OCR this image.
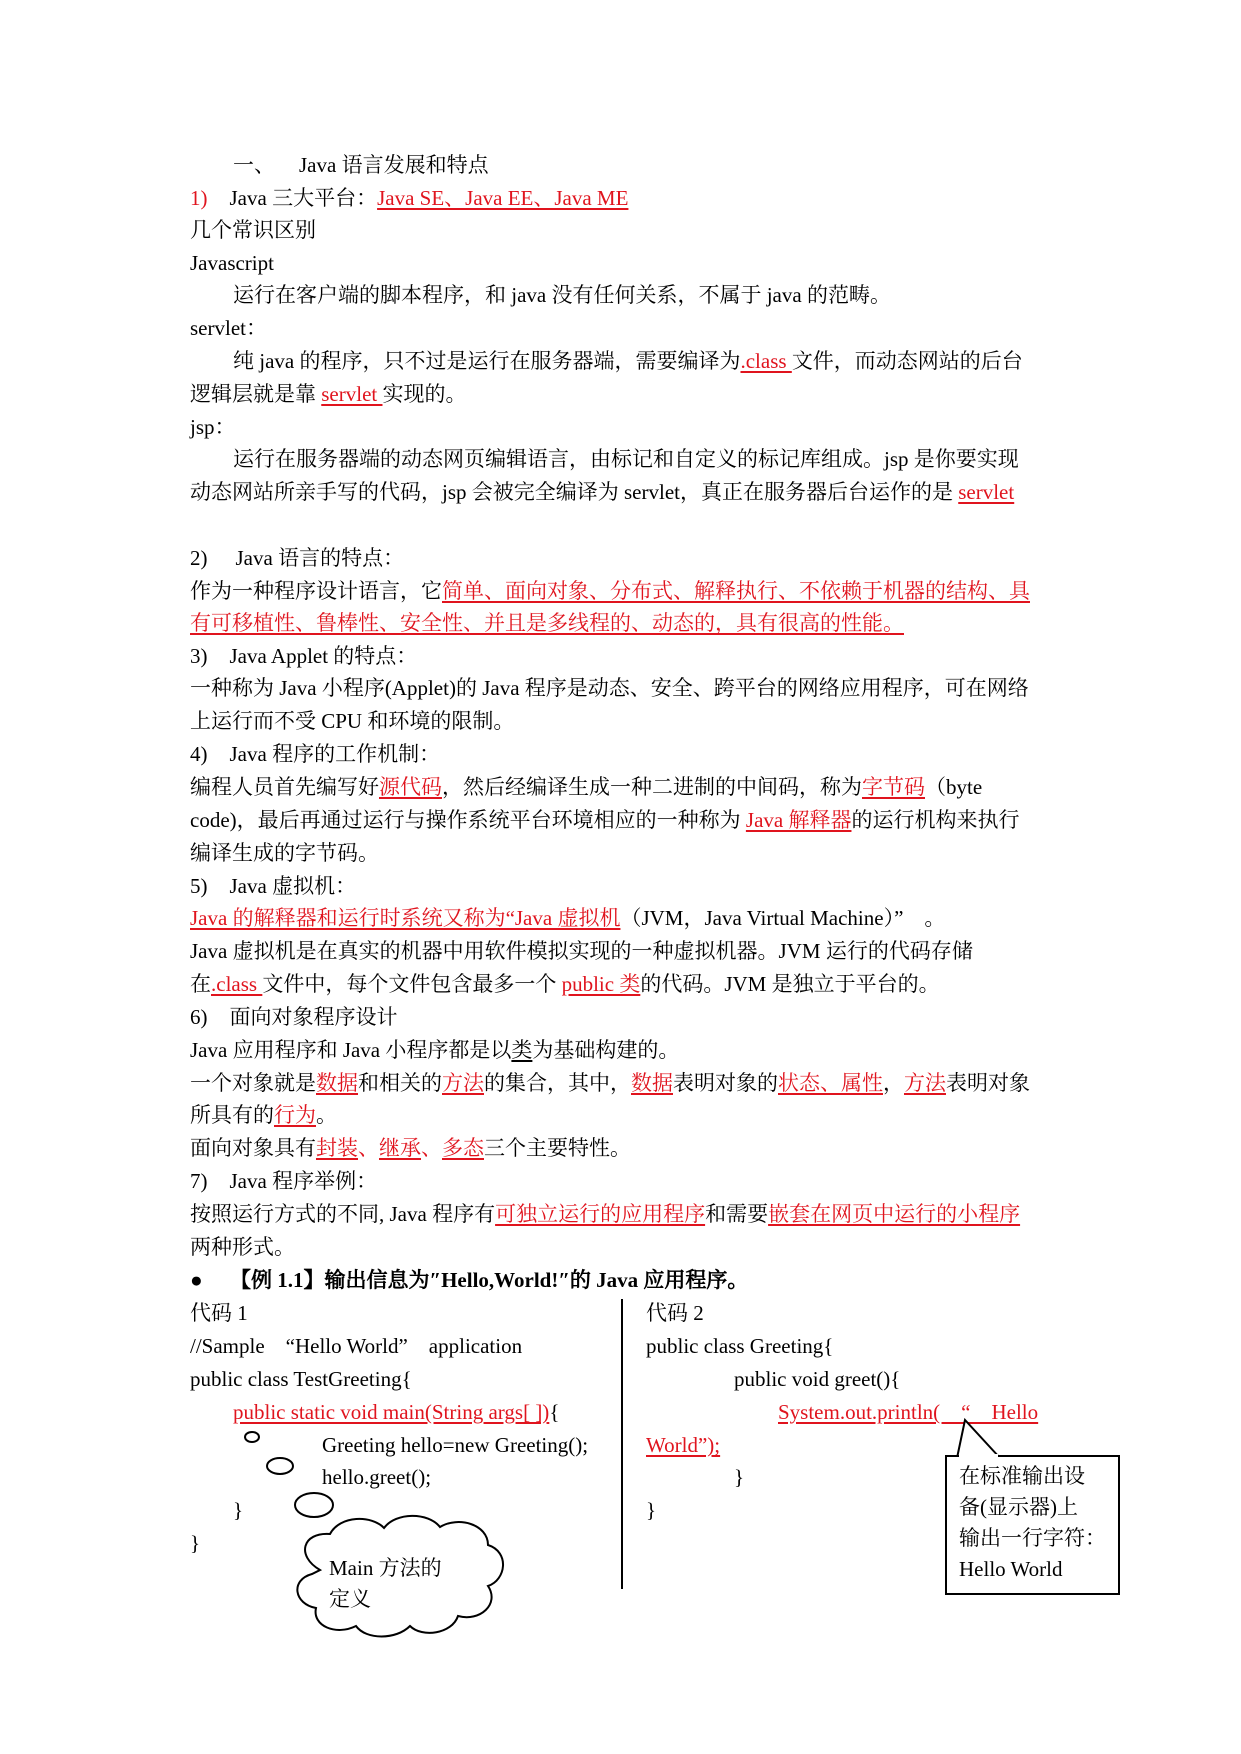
一、 Java 语言发展和特点
1) Java 三大平台：Java SE、Java EE、Java ME
几个常识区别
Javascript
运行在客户端的脚本程序，和 java 没有任何关系，不属于 java 的范畴。
servlet：
纯 java 的程序，只不过是运行在服务器端，需要编译为.class 文件，而动态网站的后台
逻辑层就是靠 servlet 实现的。
jsp：
运行在服务器端的动态网页编辑语言，由标记和自定义的标记库组成。jsp 是你要实现
动态网站所亲手写的代码，jsp 会被完全编译为 servlet，真正在服务器后台运作的是 servlet
2) Java 语言的特点：
作为一种程序设计语言，它简单、面向对象、分布式、解释执行、不依赖于机器的结构、具
有可移植性、鲁棒性、安全性、并且是多线程的、动态的，具有很高的性能。
3) Java Applet 的特点：
一种称为 Java 小程序(Applet)的 Java 程序是动态、安全、跨平台的网络应用程序，可在网络
上运行而不受 CPU 和环境的限制。
4) Java 程序的工作机制：
编程人员首先编写好源代码，然后经编译生成一种二进制的中间码，称为字节码（byte
code)，最后再通过运行与操作系统平台环境相应的一种称为 Java 解释器的运行机构来执行
编译生成的字节码。
5) Java 虚拟机：
Java 的解释器和运行时系统又称为“Java 虚拟机（JVM，Java Virtual Machine）”　。
Java 虚拟机是在真实的机器中用软件模拟实现的一种虚拟机器。JVM 运行的代码存储
在.class 文件中，每个文件包含最多一个 public 类的代码。JVM 是独立于平台的。
6) 面向对象程序设计
Java 应用程序和 Java 小程序都是以类为基础构建的。
一个对象就是数据和相关的方法的集合，其中，数据表明对象的状态、属性，方法表明对象
所具有的行为。
面向对象具有封装、继承、多态三个主要特性。
7) Java 程序举例：
按照运行方式的不同, Java 程序有可独立运行的应用程序和需要嵌套在网页中运行的小程序
两种形式。
● 【例 1.1】输出信息为″Hello,World!″的 Java 应用程序。
代码 1
//Sample　“Hello World”　application
public class TestGreeting{
public static void main(String args[ ]){
Greeting hello=new Greeting();
hello.greet();
}
}
代码 2
public class Greeting{
public void greet(){
System.out.println(　“　Hello
World”);
}
}
Main 方法的
定义
在标准输出设
备(显示器)上
输出一行字符：
Hello World
